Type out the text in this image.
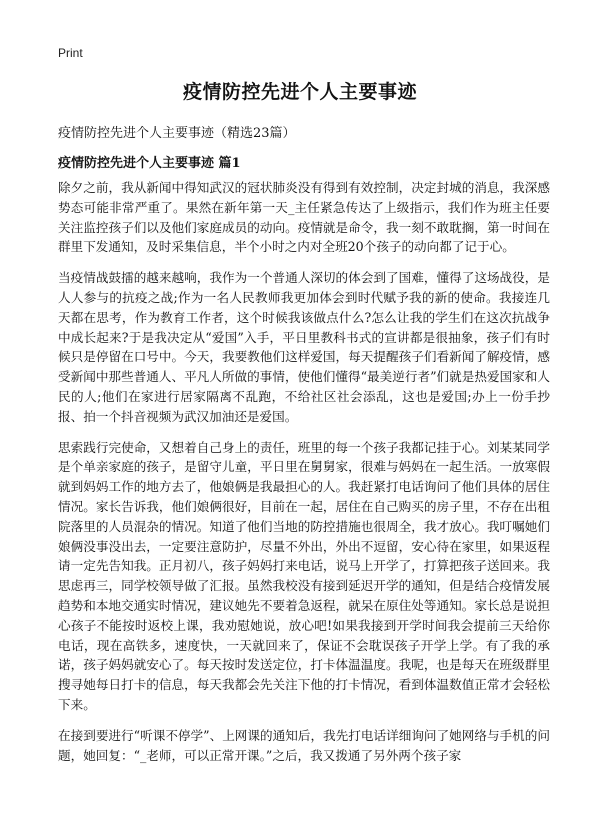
Print
疫情防控先进个人主要事迹

疫情防控先进个人主要事迹（精选23篇）

疫情防控先进个人主要事迹 篇1

除夕之前，我从新闻中得知武汉的冠状肺炎没有得到有效控制，决定封城的消息，我深感势态可能非常严重了。果然在新年第一天_主任紧急传达了上级指示，我们作为班主任要关注监控孩子们以及他们家庭成员的动向。疫情就是命令，我一刻不敢耽搁，第一时间在群里下发通知，及时采集信息，半个小时之内对全班20个孩子的动向都了记于心。

当疫情战鼓擂的越来越响，我作为一个普通人深切的体会到了国难，懂得了这场战役，是人人参与的抗疫之战;作为一名人民教师我更加体会到时代赋予我的新的使命。我接连几天都在思考，作为教育工作者，这个时候我该做点什么?怎么让我的学生们在这次抗战争中成长起来?于是我决定从“爱国”入手，平日里教科书式的宣讲都是很抽象，孩子们有时候只是停留在口号中。今天，我要教他们这样爱国，每天提醒孩子们看新闻了解疫情，感受新闻中那些普通人、平凡人所做的事情，使他们懂得“最美逆行者”们就是热爱国家和人民的人;他们在家进行居家隔离不乱跑，不给社区社会添乱，这也是爱国;办上一份手抄报、拍一个抖音视频为武汉加油还是爱国。

思索践行完使命，又想着自己身上的责任，班里的每一个孩子我都记挂于心。刘某某同学是个单亲家庭的孩子，是留守儿童，平日里在舅舅家，很难与妈妈在一起生活。一放寒假就到妈妈工作的地方去了，他娘俩是我最担心的人。我赶紧打电话询问了他们具体的居住情况。家长告诉我，他们娘俩很好，目前在一起，居住在自己购买的房子里，不存在出租院落里的人员混杂的情况。知道了他们当地的防控措施也很周全，我才放心。我叮嘱她们娘俩没事没出去，一定要注意防护，尽量不外出，外出不逗留，安心待在家里，如果返程请一定先告知我。正月初八，孩子妈妈打来电话，说马上开学了，打算把孩子送回来。我思虑再三，同学校领导做了汇报。虽然我校没有接到延迟开学的通知，但是结合疫情发展趋势和本地交通实时情况，建议她先不要着急返程，就呆在原住处等通知。家长总是说担心孩子不能按时返校上课，我劝慰她说，放心吧!如果我接到开学时间我会提前三天给你电话，现在高铁多，速度快，一天就回来了，保证不会耽误孩子开学上学。有了我的承诺，孩子妈妈就安心了。每天按时发送定位，打卡体温温度。我呢，也是每天在班级群里搜寻她每日打卡的信息，每天我都会先关注下他的打卡情况，看到体温数值正常才会轻松下来。

在接到要进行“听课不停学”、上网课的通知后，我先打电话详细询问了她网络与手机的问题，她回复：“_老师，可以正常开课。”之后，我又拨通了另外两个孩子家
